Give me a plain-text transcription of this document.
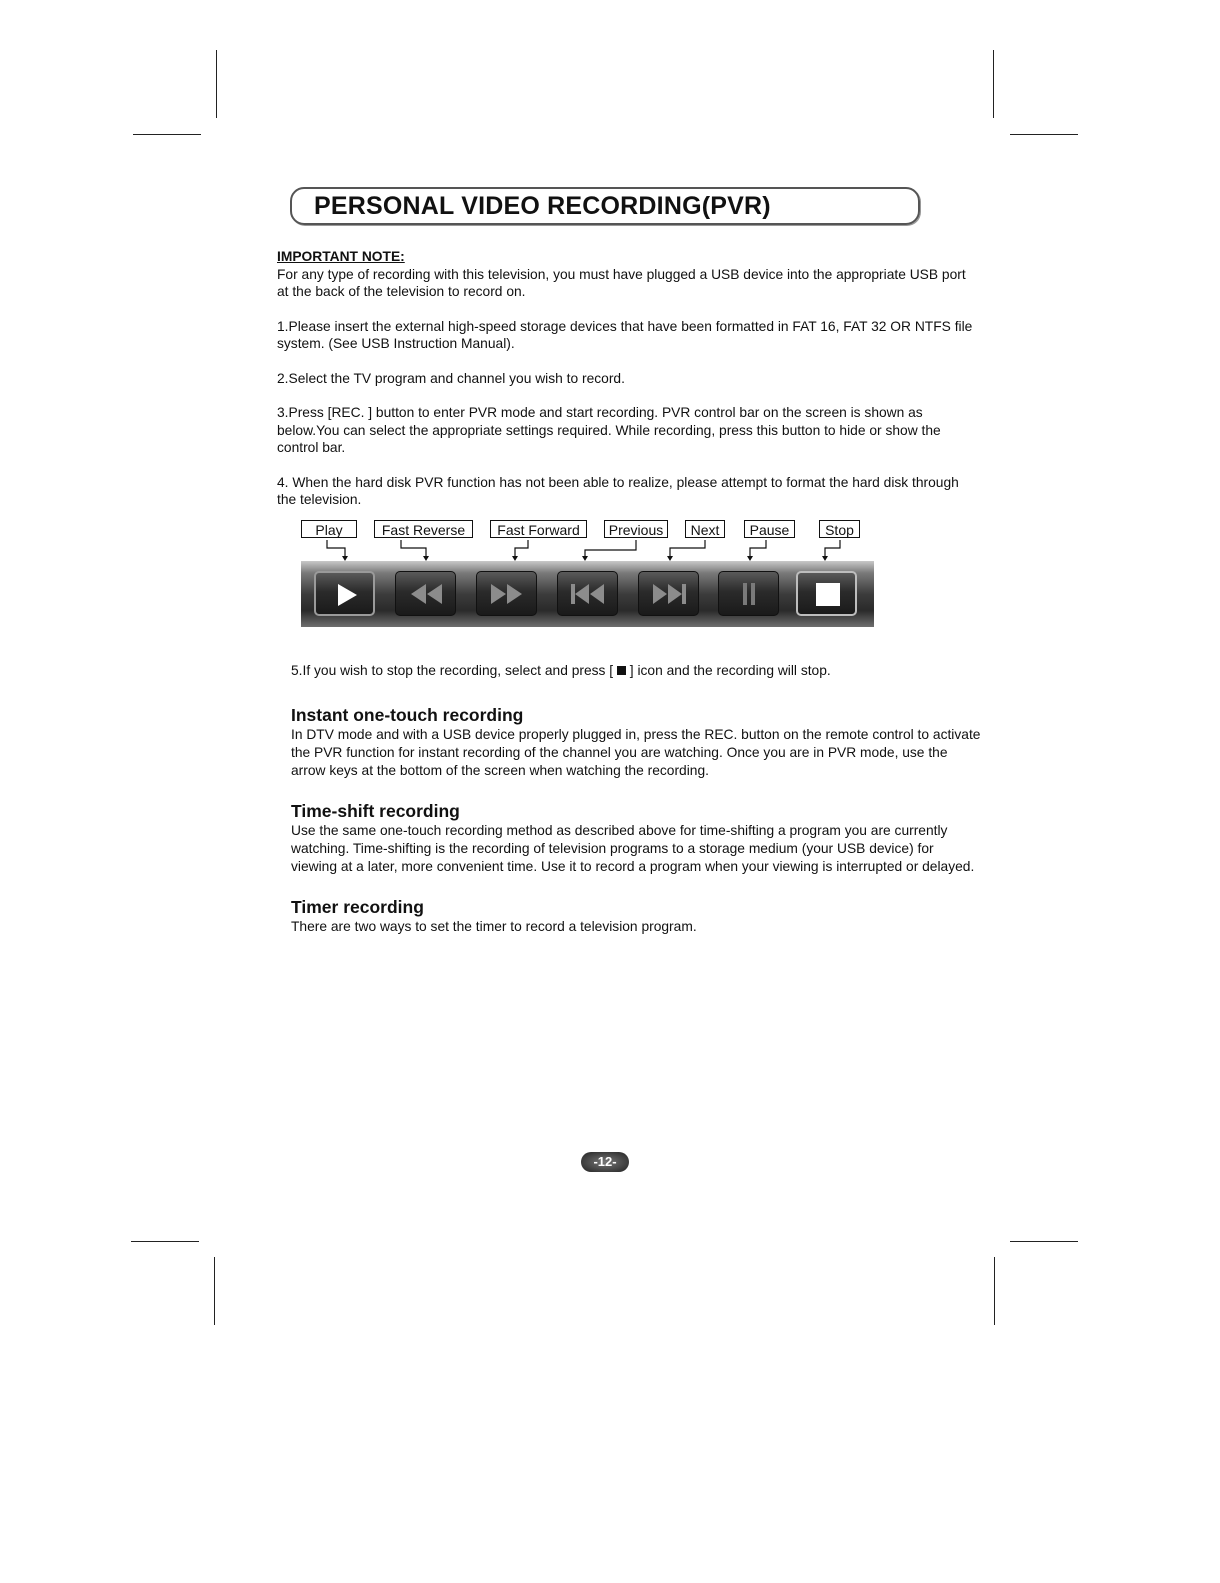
PERSONAL VIDEO RECORDING(PVR)

IMPORTANT NOTE:

For any type of recording with this television, you must have plugged a USB device into the appropriate USB port at the back of the television to record on.

1.Please insert the external high-speed storage devices that have been formatted in FAT 16, FAT 32 OR NTFS file system. (See USB Instruction Manual).

2.Select the TV program and channel you wish to record.

3.Press [REC. ] button to enter PVR mode and start recording. PVR control bar on the screen is shown as below.You can select the appropriate settings required. While recording, press this button to hide or show the control bar.

4. When the hard disk PVR function has not been able to realize, please attempt to format the hard disk through the television.

Play	Fast Reverse	Fast Forward	Previous	Next	Pause	Stop

5.If you wish to stop the recording, select and press [ ] icon and the recording will stop.

Instant one-touch recording

In DTV mode and with a USB device properly plugged in, press the REC. button on the remote control to activate the PVR function for instant recording of the channel you are watching. Once you are in PVR mode, use the arrow keys at the bottom of the screen when watching the recording.

Time-shift recording

Use the same one-touch recording method as described above for time-shifting a program you are currently watching. Time-shifting is the recording of television programs to a storage medium (your USB device) for viewing at a later, more convenient time. Use it to record a program when your viewing is interrupted or delayed.

Timer recording

There are two ways to set the timer to record a television program.

-12-
